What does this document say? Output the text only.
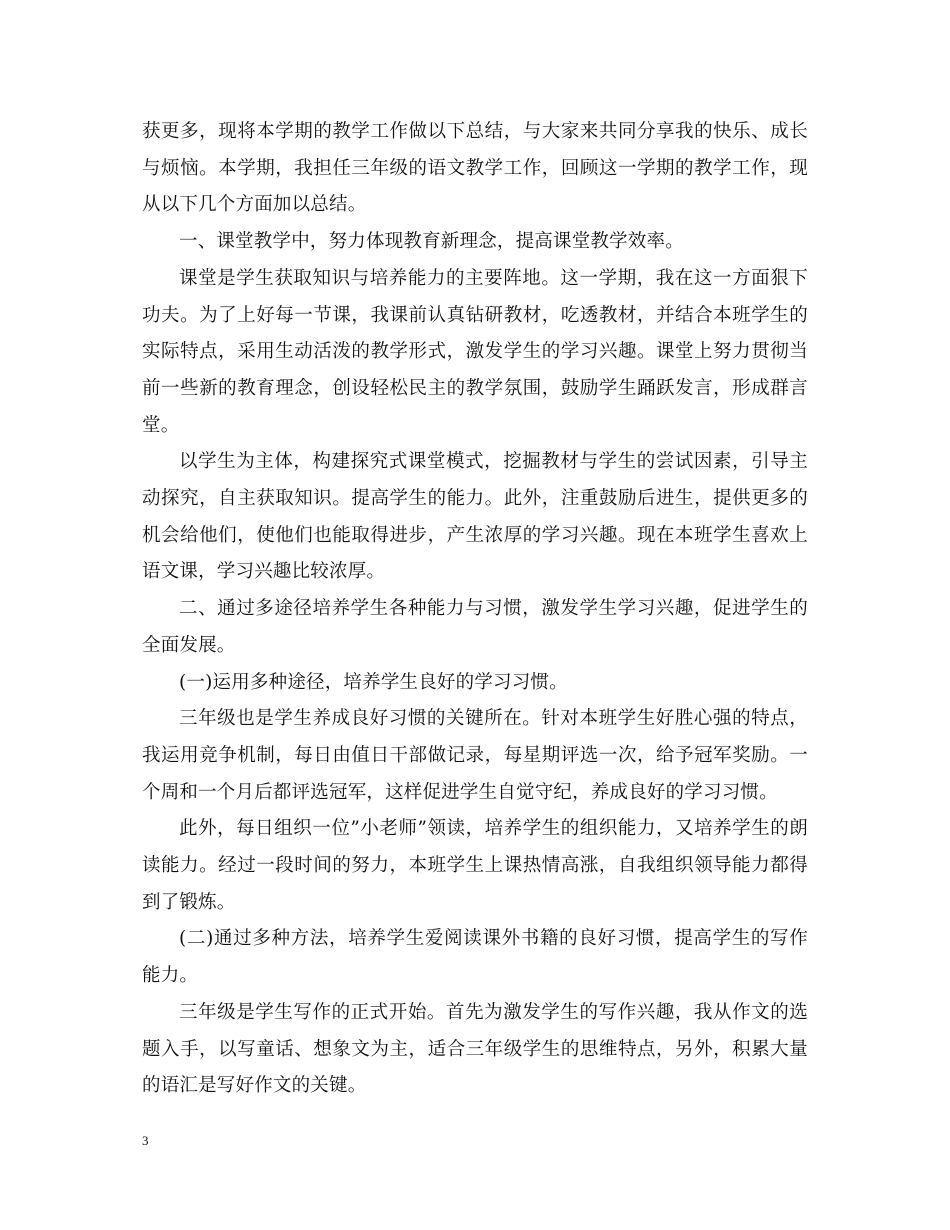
获更多，现将本学期的教学工作做以下总结，与大家来共同分享我的快乐、成长与烦恼。本学期，我担任三年级的语文教学工作，回顾这一学期的教学工作，现从以下几个方面加以总结。

一、课堂教学中，努力体现教育新理念，提高课堂教学效率。

课堂是学生获取知识与培养能力的主要阵地。这一学期，我在这一方面狠下功夫。为了上好每一节课，我课前认真钻研教材，吃透教材，并结合本班学生的实际特点，采用生动活泼的教学形式，激发学生的学习兴趣。课堂上努力贯彻当前一些新的教育理念，创设轻松民主的教学氛围，鼓励学生踊跃发言，形成群言堂。

以学生为主体，构建探究式课堂模式，挖掘教材与学生的尝试因素，引导主动探究，自主获取知识。提高学生的能力。此外，注重鼓励后进生，提供更多的机会给他们，使他们也能取得进步，产生浓厚的学习兴趣。现在本班学生喜欢上语文课，学习兴趣比较浓厚。

二、通过多途径培养学生各种能力与习惯，激发学生学习兴趣，促进学生的全面发展。

(一)运用多种途径，培养学生良好的学习习惯。

三年级也是学生养成良好习惯的关键所在。针对本班学生好胜心强的特点，我运用竞争机制，每日由值日干部做记录，每星期评选一次，给予冠军奖励。一个周和一个月后都评选冠军，这样促进学生自觉守纪，养成良好的学习习惯。

此外，每日组织一位”小老师”领读，培养学生的组织能力，又培养学生的朗读能力。经过一段时间的努力，本班学生上课热情高涨，自我组织领导能力都得到了锻炼。

(二)通过多种方法，培养学生爱阅读课外书籍的良好习惯，提高学生的写作能力。

三年级是学生写作的正式开始。首先为激发学生的写作兴趣，我从作文的选题入手，以写童话、想象文为主，适合三年级学生的思维特点，另外，积累大量的语汇是写好作文的关键。

3
